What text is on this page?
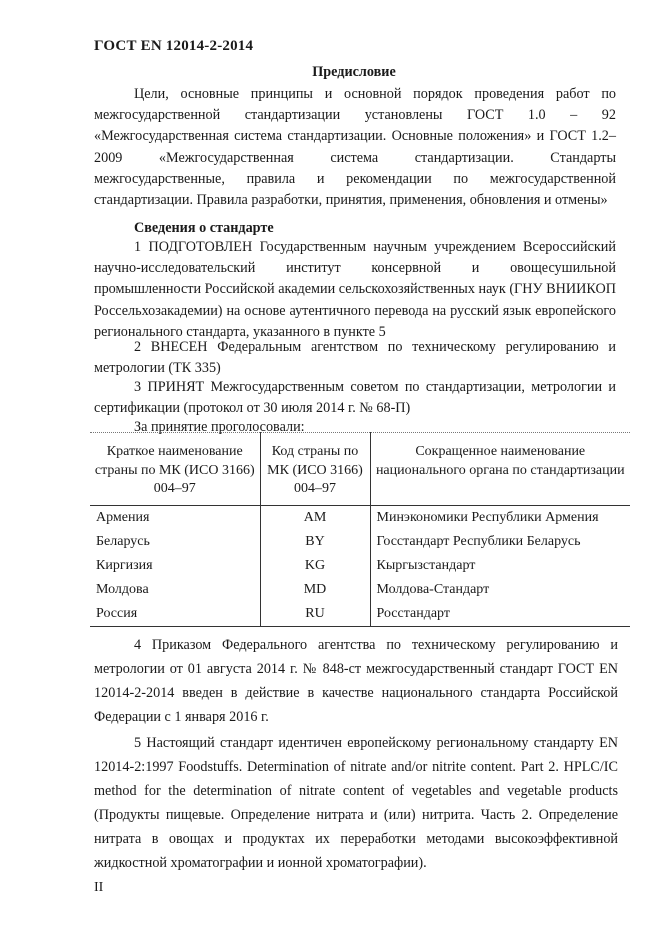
ГОСТ EN 12014-2-2014
Предисловие

Цели, основные принципы и основной порядок проведения работ по межгосударственной стандартизации установлены ГОСТ 1.0 – 92 «Межгосударственная система стандартизации. Основные положения» и ГОСТ 1.2–2009 «Межгосударственная система стандартизации. Стандарты межгосударственные, правила и рекомендации по межгосударственной стандартизации. Правила разработки, принятия, применения, обновления и отмены»

Сведения о стандарте

1 ПОДГОТОВЛЕН Государственным научным учреждением Всероссийский научно-исследовательский институт консервной и овощесушильной промышленности Российской академии сельскохозяйственных наук (ГНУ ВНИИКОП Россельхозакадемии) на основе аутентичного перевода на русский язык европейского регионального стандарта, указанного в пункте 5

2 ВНЕСЕН Федеральным агентством по техническому регулированию и метрологии (ТК 335)

3 ПРИНЯТ Межгосударственным советом по стандартизации, метрологии и сертификации (протокол от 30 июля 2014 г. № 68-П)

За принятие проголосовали:

Краткое наименование страны по МК (ИСО 3166) 004–97	Код страны по МК (ИСО 3166) 004–97	Сокращенное наименование национального органа по стандартизации
Армения	AM	Минэкономики Республики Армения
Беларусь	BY	Госстандарт Республики Беларусь
Киргизия	KG	Кыргызстандарт
Молдова	MD	Молдова-Стандарт
Россия	RU	Росстандарт

4 Приказом Федерального агентства по техническому регулированию и метрологии от 01 августа 2014 г. № 848-ст межгосударственный стандарт ГОСТ EN 12014-2-2014 введен в действие в качестве национального стандарта Российской Федерации с 1 января 2016 г.

5 Настоящий стандарт идентичен европейскому региональному стандарту EN 12014-2:1997 Foodstuffs. Determination of nitrate and/or nitrite content. Part 2. HPLC/IC method for the determination of nitrate content of vegetables and vegetable products (Продукты пищевые. Определение нитрата и (или) нитрита. Часть 2. Определение нитрата в овощах и продуктах их переработки методами высокоэффективной жидкостной хроматографии и ионной хроматографии).

II
